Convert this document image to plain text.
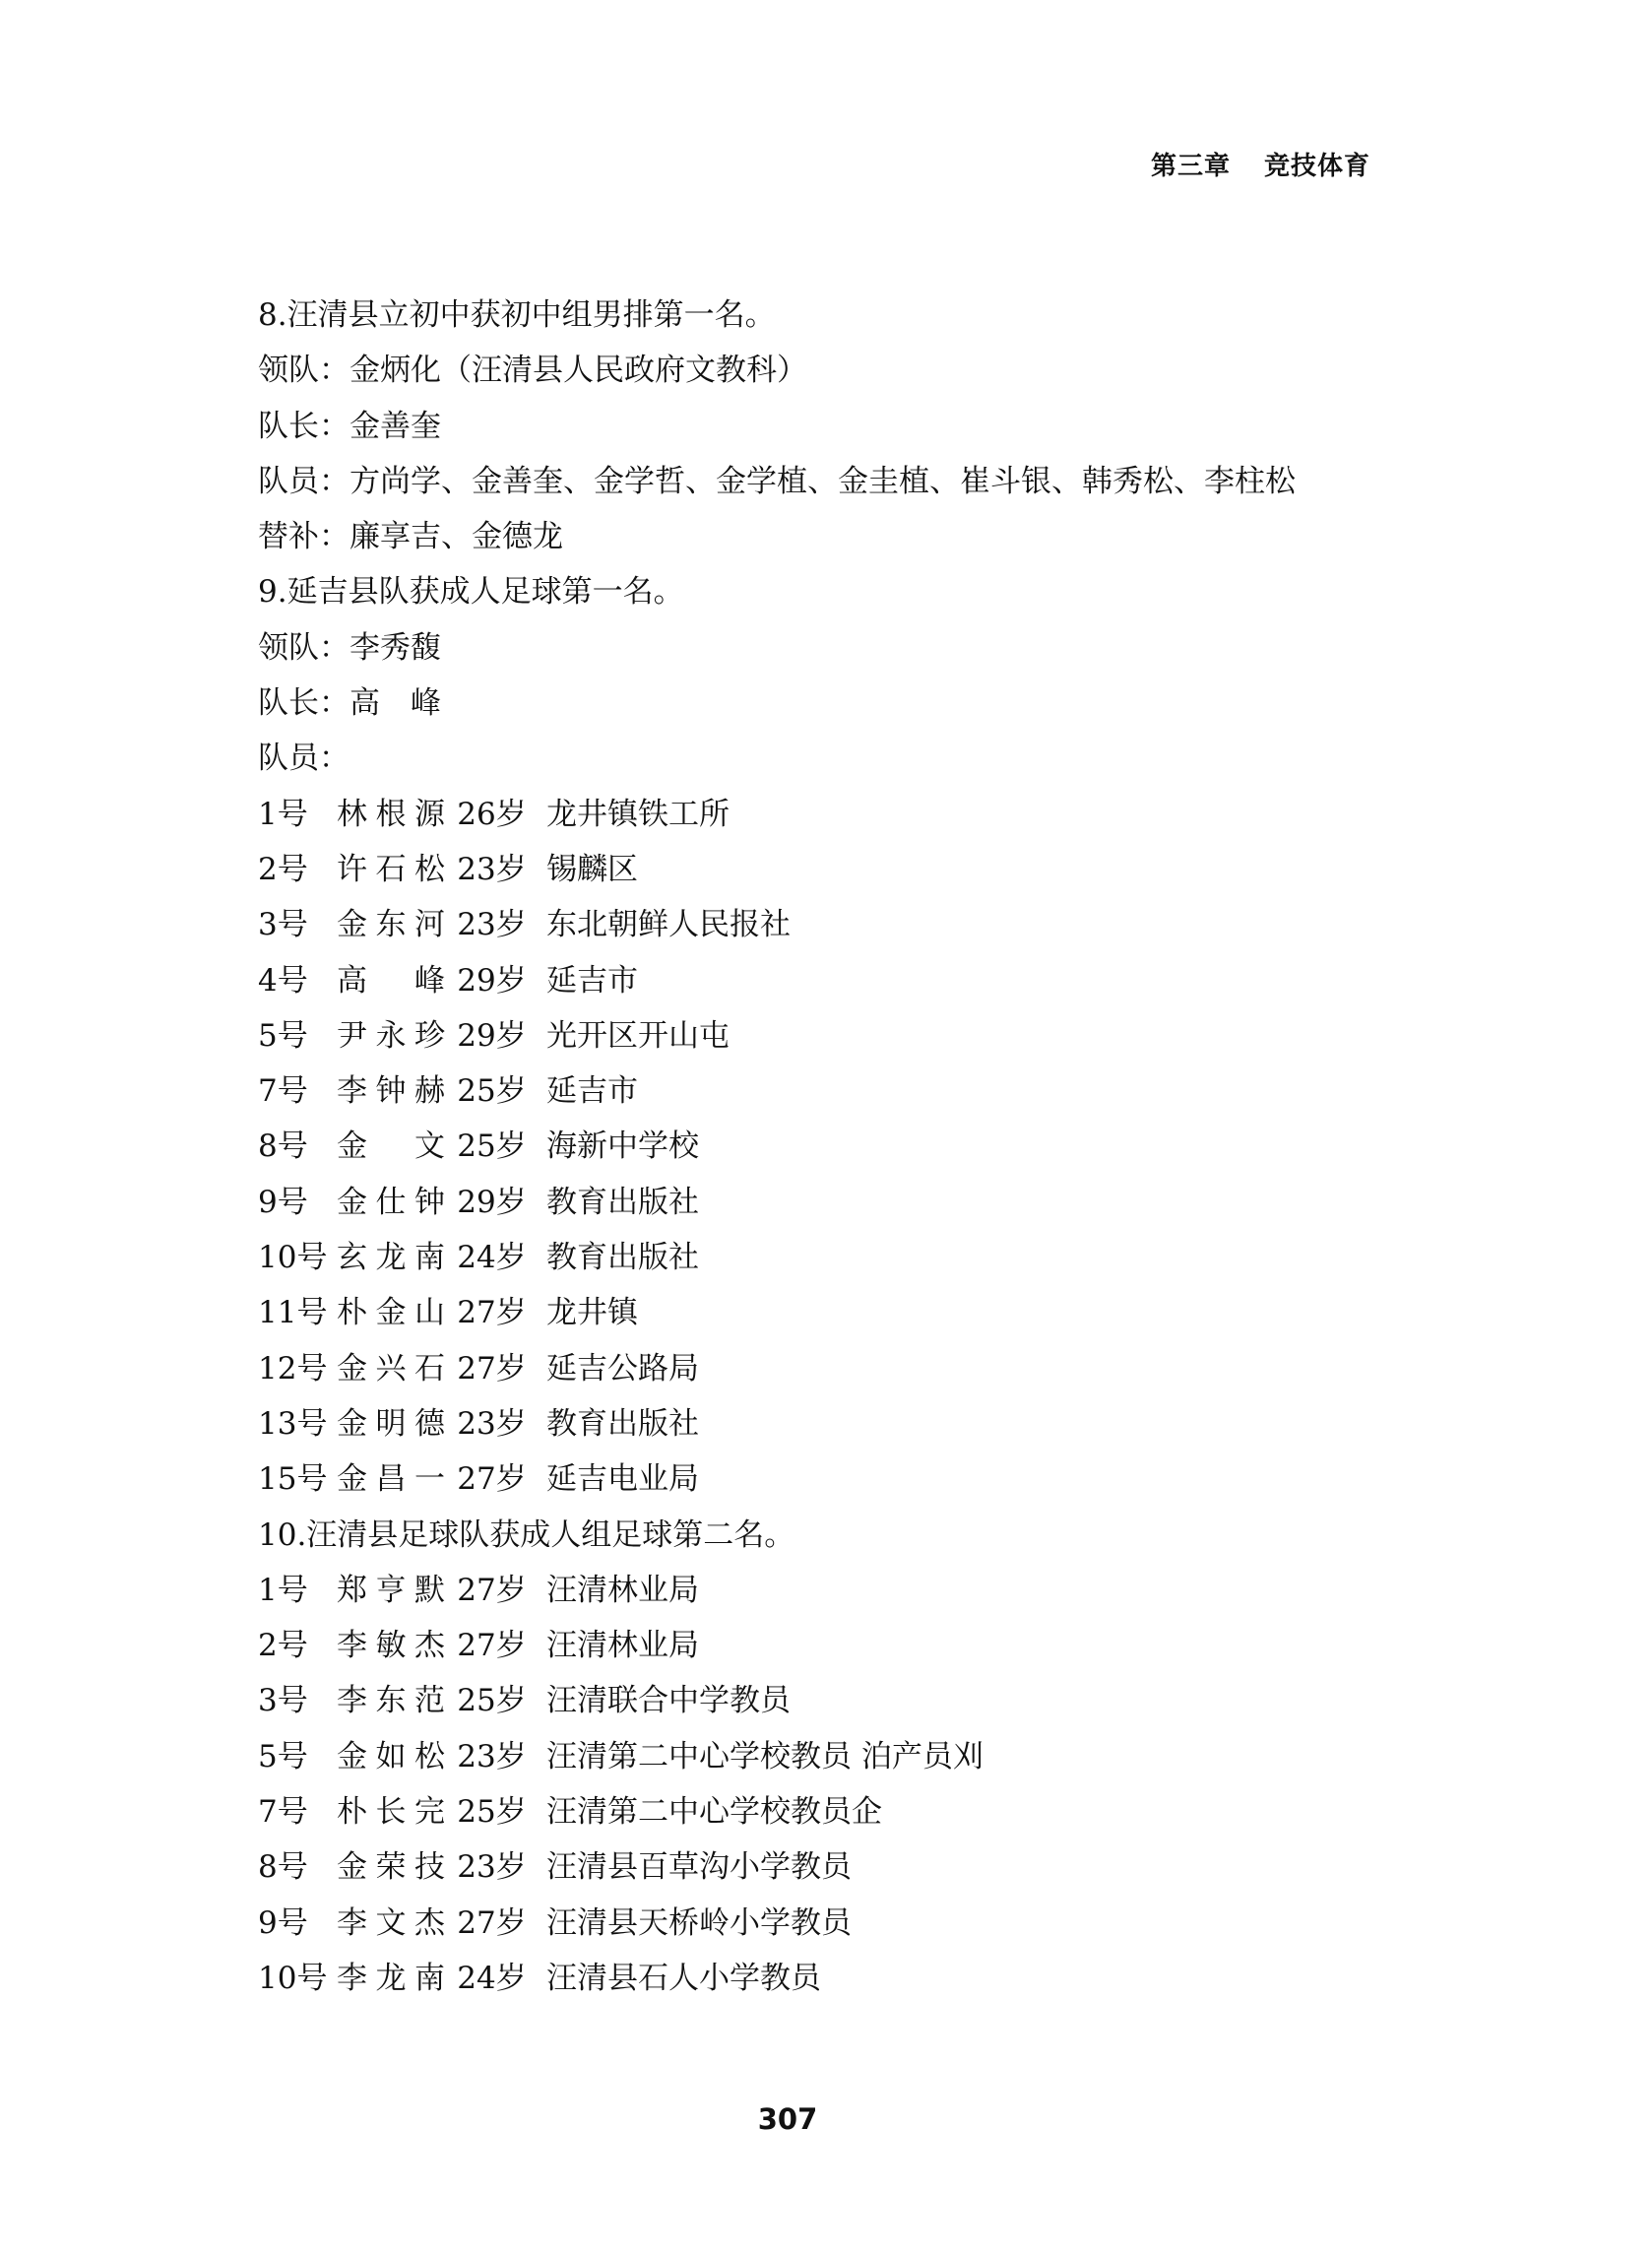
第三章 竞技体育
8.汪清县立初中获初中组男排第一名。
领队：金炳化（汪清县人民政府文教科）
队长：金善奎
队员：方尚学、金善奎、金学哲、金学植、金圭植、崔斗银、韩秀松、李柱松
替补：廉享吉、金德龙
9.延吉县队获成人足球第一名。
领队：李秀馥
队长：高　峰
队员：
1号 林根源 26岁 龙井镇铁工所
2号 许石松 23岁 锡麟区
3号 金东河 23岁 东北朝鲜人民报社
4号 高　峰 29岁 延吉市
5号 尹永珍 29岁 光开区开山屯
7号 李钟赫 25岁 延吉市
8号 金　文 25岁 海新中学校
9号 金仕钟 29岁 教育出版社
10号 玄龙南 24岁 教育出版社
11号 朴金山 27岁 龙井镇
12号 金兴石 27岁 延吉公路局
13号 金明德 23岁 教育出版社
15号 金昌一 27岁 延吉电业局
10.汪清县足球队获成人组足球第二名。
1号 郑亨默 27岁 汪清林业局
2号 李敏杰 27岁 汪清林业局
3号 李东范 25岁 汪清联合中学教员
5号 金如松 23岁 汪清第二中心学校教员 泊产员刈
7号 朴长完 25岁 汪清第二中心学校教员企
8号 金荣技 23岁 汪清县百草沟小学教员
9号 李文杰 27岁 汪清县天桥岭小学教员
10号 李龙南 24岁 汪清县石人小学教员
307
